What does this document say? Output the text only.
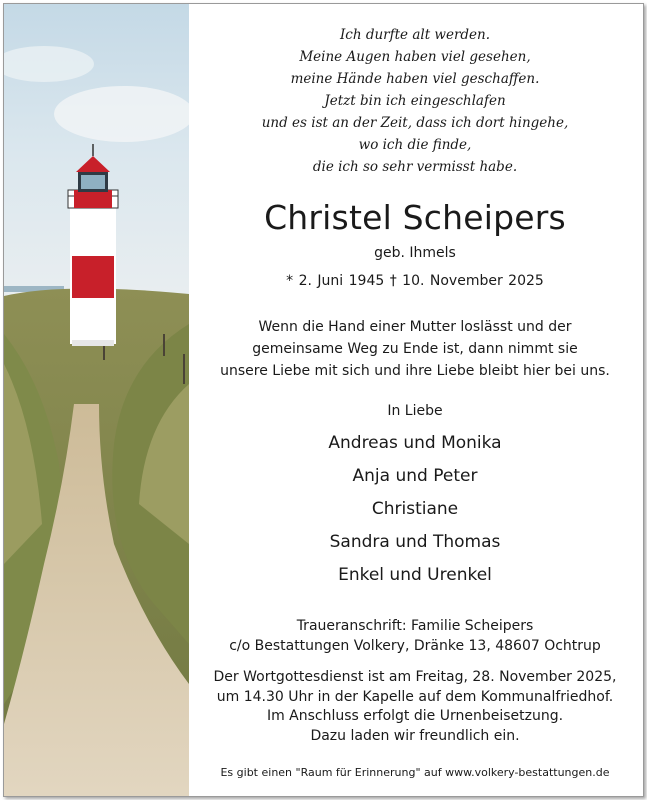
Ich durfte alt werden.
Meine Augen haben viel gesehen,
meine Hände haben viel geschaffen.
Jetzt bin ich eingeschlafen
und es ist an der Zeit, dass ich dort hingehe,
wo ich die finde,
die ich so sehr vermisst habe.
Christel Scheipers
geb. Ihmels
* 2. Juni 1945 † 10. November 2025
Wenn die Hand einer Mutter loslässt und der
gemeinsame Weg zu Ende ist, dann nimmt sie
unsere Liebe mit sich und ihre Liebe bleibt hier bei uns.
In Liebe
Andreas und Monika
Anja und Peter
Christiane
Sandra und Thomas
Enkel und Urenkel
Traueranschrift: Familie Scheipers
c/o Bestattungen Volkery, Dränke 13, 48607 Ochtrup
Der Wortgottesdienst ist am Freitag, 28. November 2025,
um 14.30 Uhr in der Kapelle auf dem Kommunalfriedhof.
Im Anschluss erfolgt die Urnenbeisetzung.
Dazu laden wir freundlich ein.
Es gibt einen "Raum für Erinnerung" auf www.volkery-bestattungen.de
